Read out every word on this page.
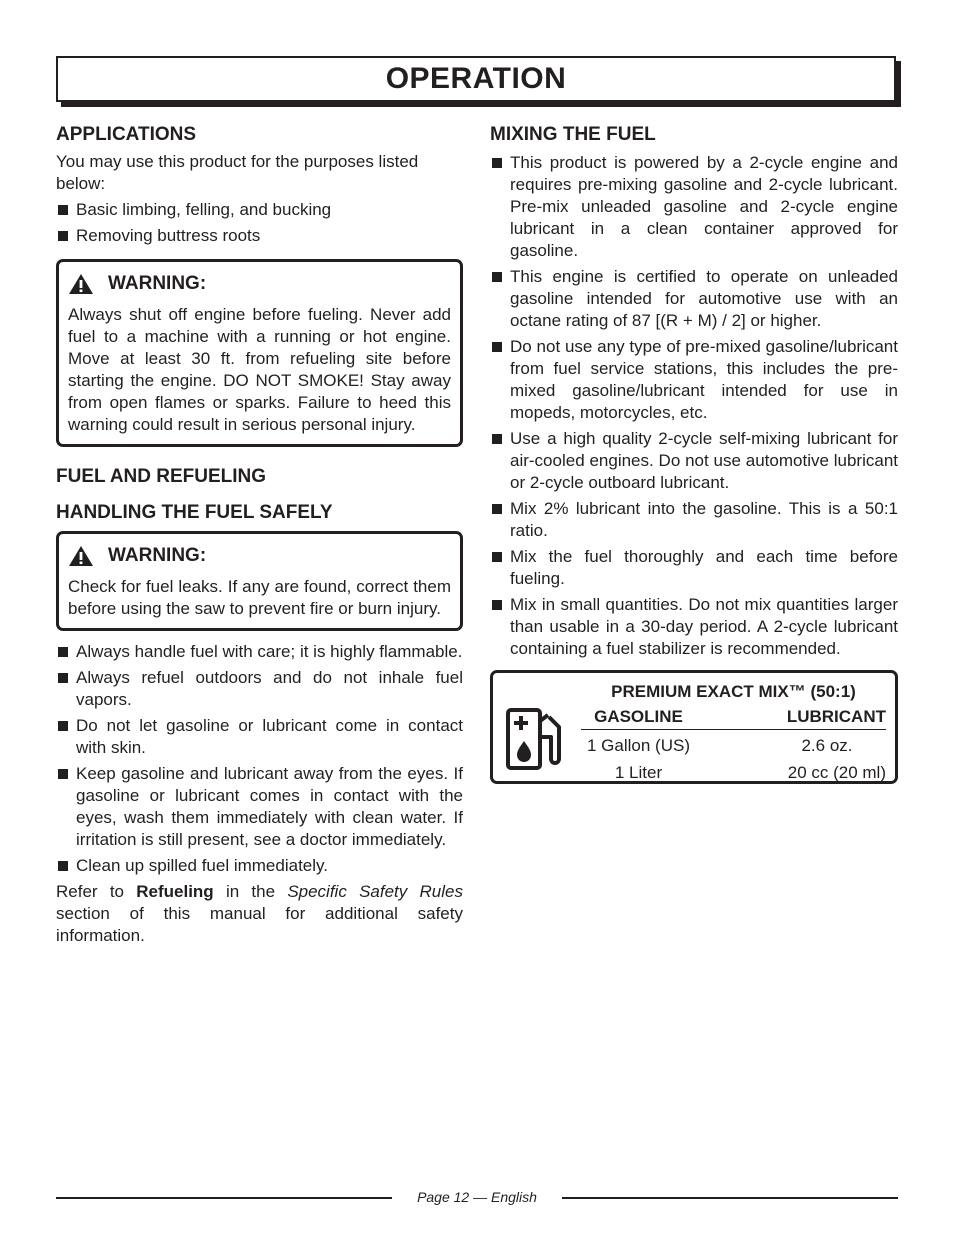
OPERATION
APPLICATIONS

You may use this product for the purposes listed below:

Basic limbing, felling, and bucking
Removing buttress roots
WARNING:

Always shut off engine before fueling. Never add fuel to a machine with a running or hot engine. Move at least 30 ft. from refueling site before starting the engine. DO NOT SMOKE! Stay away from open flames or sparks. Failure to heed this warning could result in serious personal injury.

FUEL AND REFUELING
HANDLING THE FUEL SAFELY
WARNING:

Check for fuel leaks. If any are found, correct them before using the saw to prevent fire or burn injury.

Always handle fuel with care; it is highly flammable.
Always refuel outdoors and do not inhale fuel vapors.
Do not let gasoline or lubricant come in contact with skin.
Keep gasoline and lubricant away from the eyes. If gasoline or lubricant comes in contact with the eyes, wash them immediately with clean water. If irritation is still present, see a doctor immediately.
Clean up spilled fuel immediately.

Refer to Refueling in the Specific Safety Rules section of this manual for additional safety information.

MIXING THE FUEL
This product is powered by a 2-cycle engine and requires pre-mixing gasoline and 2-cycle lubricant. Pre-mix unleaded gasoline and 2-cycle engine lubricant in a clean container approved for gasoline.
This engine is certified to operate on unleaded gasoline intended for automotive use with an octane rating of 87 [(R + M) / 2] or higher.
Do not use any type of pre-mixed gasoline/lubricant from fuel service stations, this includes the pre-mixed gasoline/lubricant intended for use in mopeds, motorcycles, etc.
Use a high quality 2-cycle self-mixing lubricant for air-cooled engines. Do not use automotive lubricant or 2-cycle outboard lubricant.
Mix 2% lubricant into the gasoline. This is a 50:1 ratio.
Mix the fuel thoroughly and each time before fueling.
Mix in small quantities. Do not mix quantities larger than usable in a 30-day period. A 2-cycle lubricant containing a fuel stabilizer is recommended.
PREMIUM EXACT MIX™ (50:1)
GASOLINE	LUBRICANT
1 Gallon (US)	2.6 oz.
1 Liter	20 cc (20 ml)
Page 12 — English
